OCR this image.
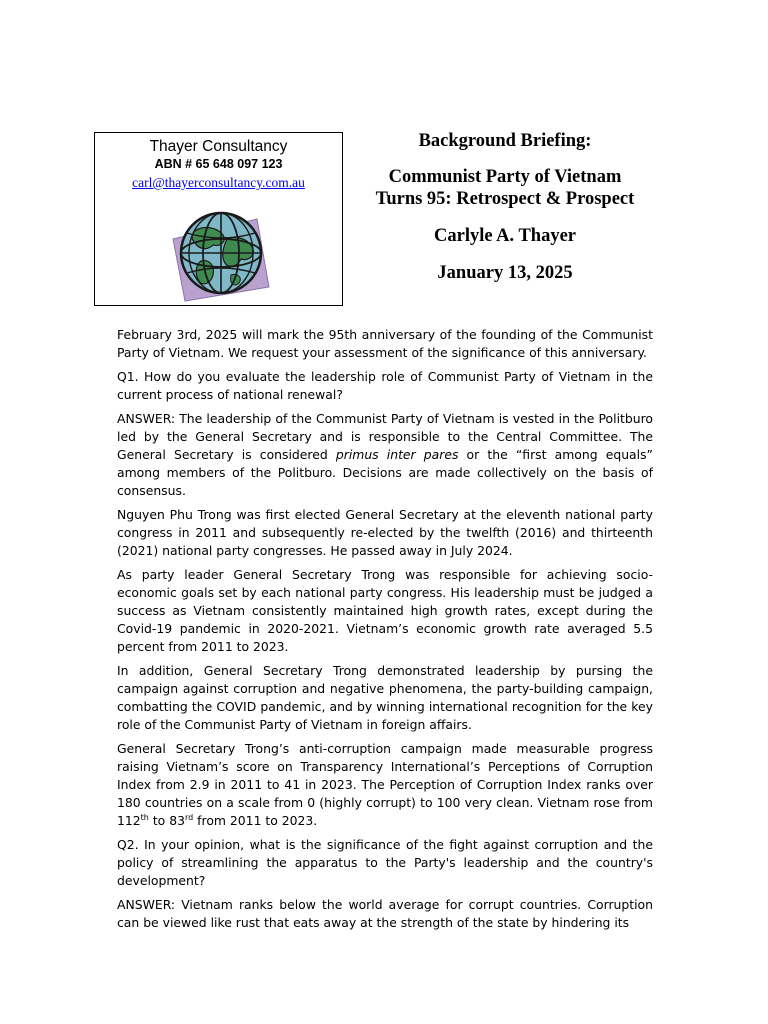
Thayer Consultancy
ABN # 65 648 097 123
carl@thayerconsultancy.com.au
Background Briefing:
Communist Party of Vietnam
Turns 95: Retrospect & Prospect
Carlyle A. Thayer
January 13, 2025

February 3rd, 2025 will mark the 95th anniversary of the founding of the Communist Party of Vietnam. We request your assessment of the significance of this anniversary.

Q1. How do you evaluate the leadership role of Communist Party of Vietnam in the current process of national renewal?

ANSWER: The leadership of the Communist Party of Vietnam is vested in the Politburo led by the General Secretary and is responsible to the Central Committee. The General Secretary is considered primus inter pares or the “first among equals” among members of the Politburo. Decisions are made collectively on the basis of consensus.

Nguyen Phu Trong was first elected General Secretary at the eleventh national party congress in 2011 and subsequently re-elected by the twelfth (2016) and thirteenth (2021) national party congresses. He passed away in July 2024.

As party leader General Secretary Trong was responsible for achieving socio-economic goals set by each national party congress. His leadership must be judged a success as Vietnam consistently maintained high growth rates, except during the Covid-19 pandemic in 2020-2021. Vietnam’s economic growth rate averaged 5.5 percent from 2011 to 2023.

In addition, General Secretary Trong demonstrated leadership by pursing the campaign against corruption and negative phenomena, the party-building campaign, combatting the COVID pandemic, and by winning international recognition for the key role of the Communist Party of Vietnam in foreign affairs.

General Secretary Trong’s anti-corruption campaign made measurable progress raising Vietnam’s score on Transparency International’s Perceptions of Corruption Index from 2.9 in 2011 to 41 in 2023. The Perception of Corruption Index ranks over 180 countries on a scale from 0 (highly corrupt) to 100 very clean. Vietnam rose from 112th to 83rd from 2011 to 2023.

Q2. In your opinion, what is the significance of the fight against corruption and the policy of streamlining the apparatus to the Party's leadership and the country's development?

ANSWER: Vietnam ranks below the world average for corrupt countries. Corruption can be viewed like rust that eats away at the strength of the state by hindering its
